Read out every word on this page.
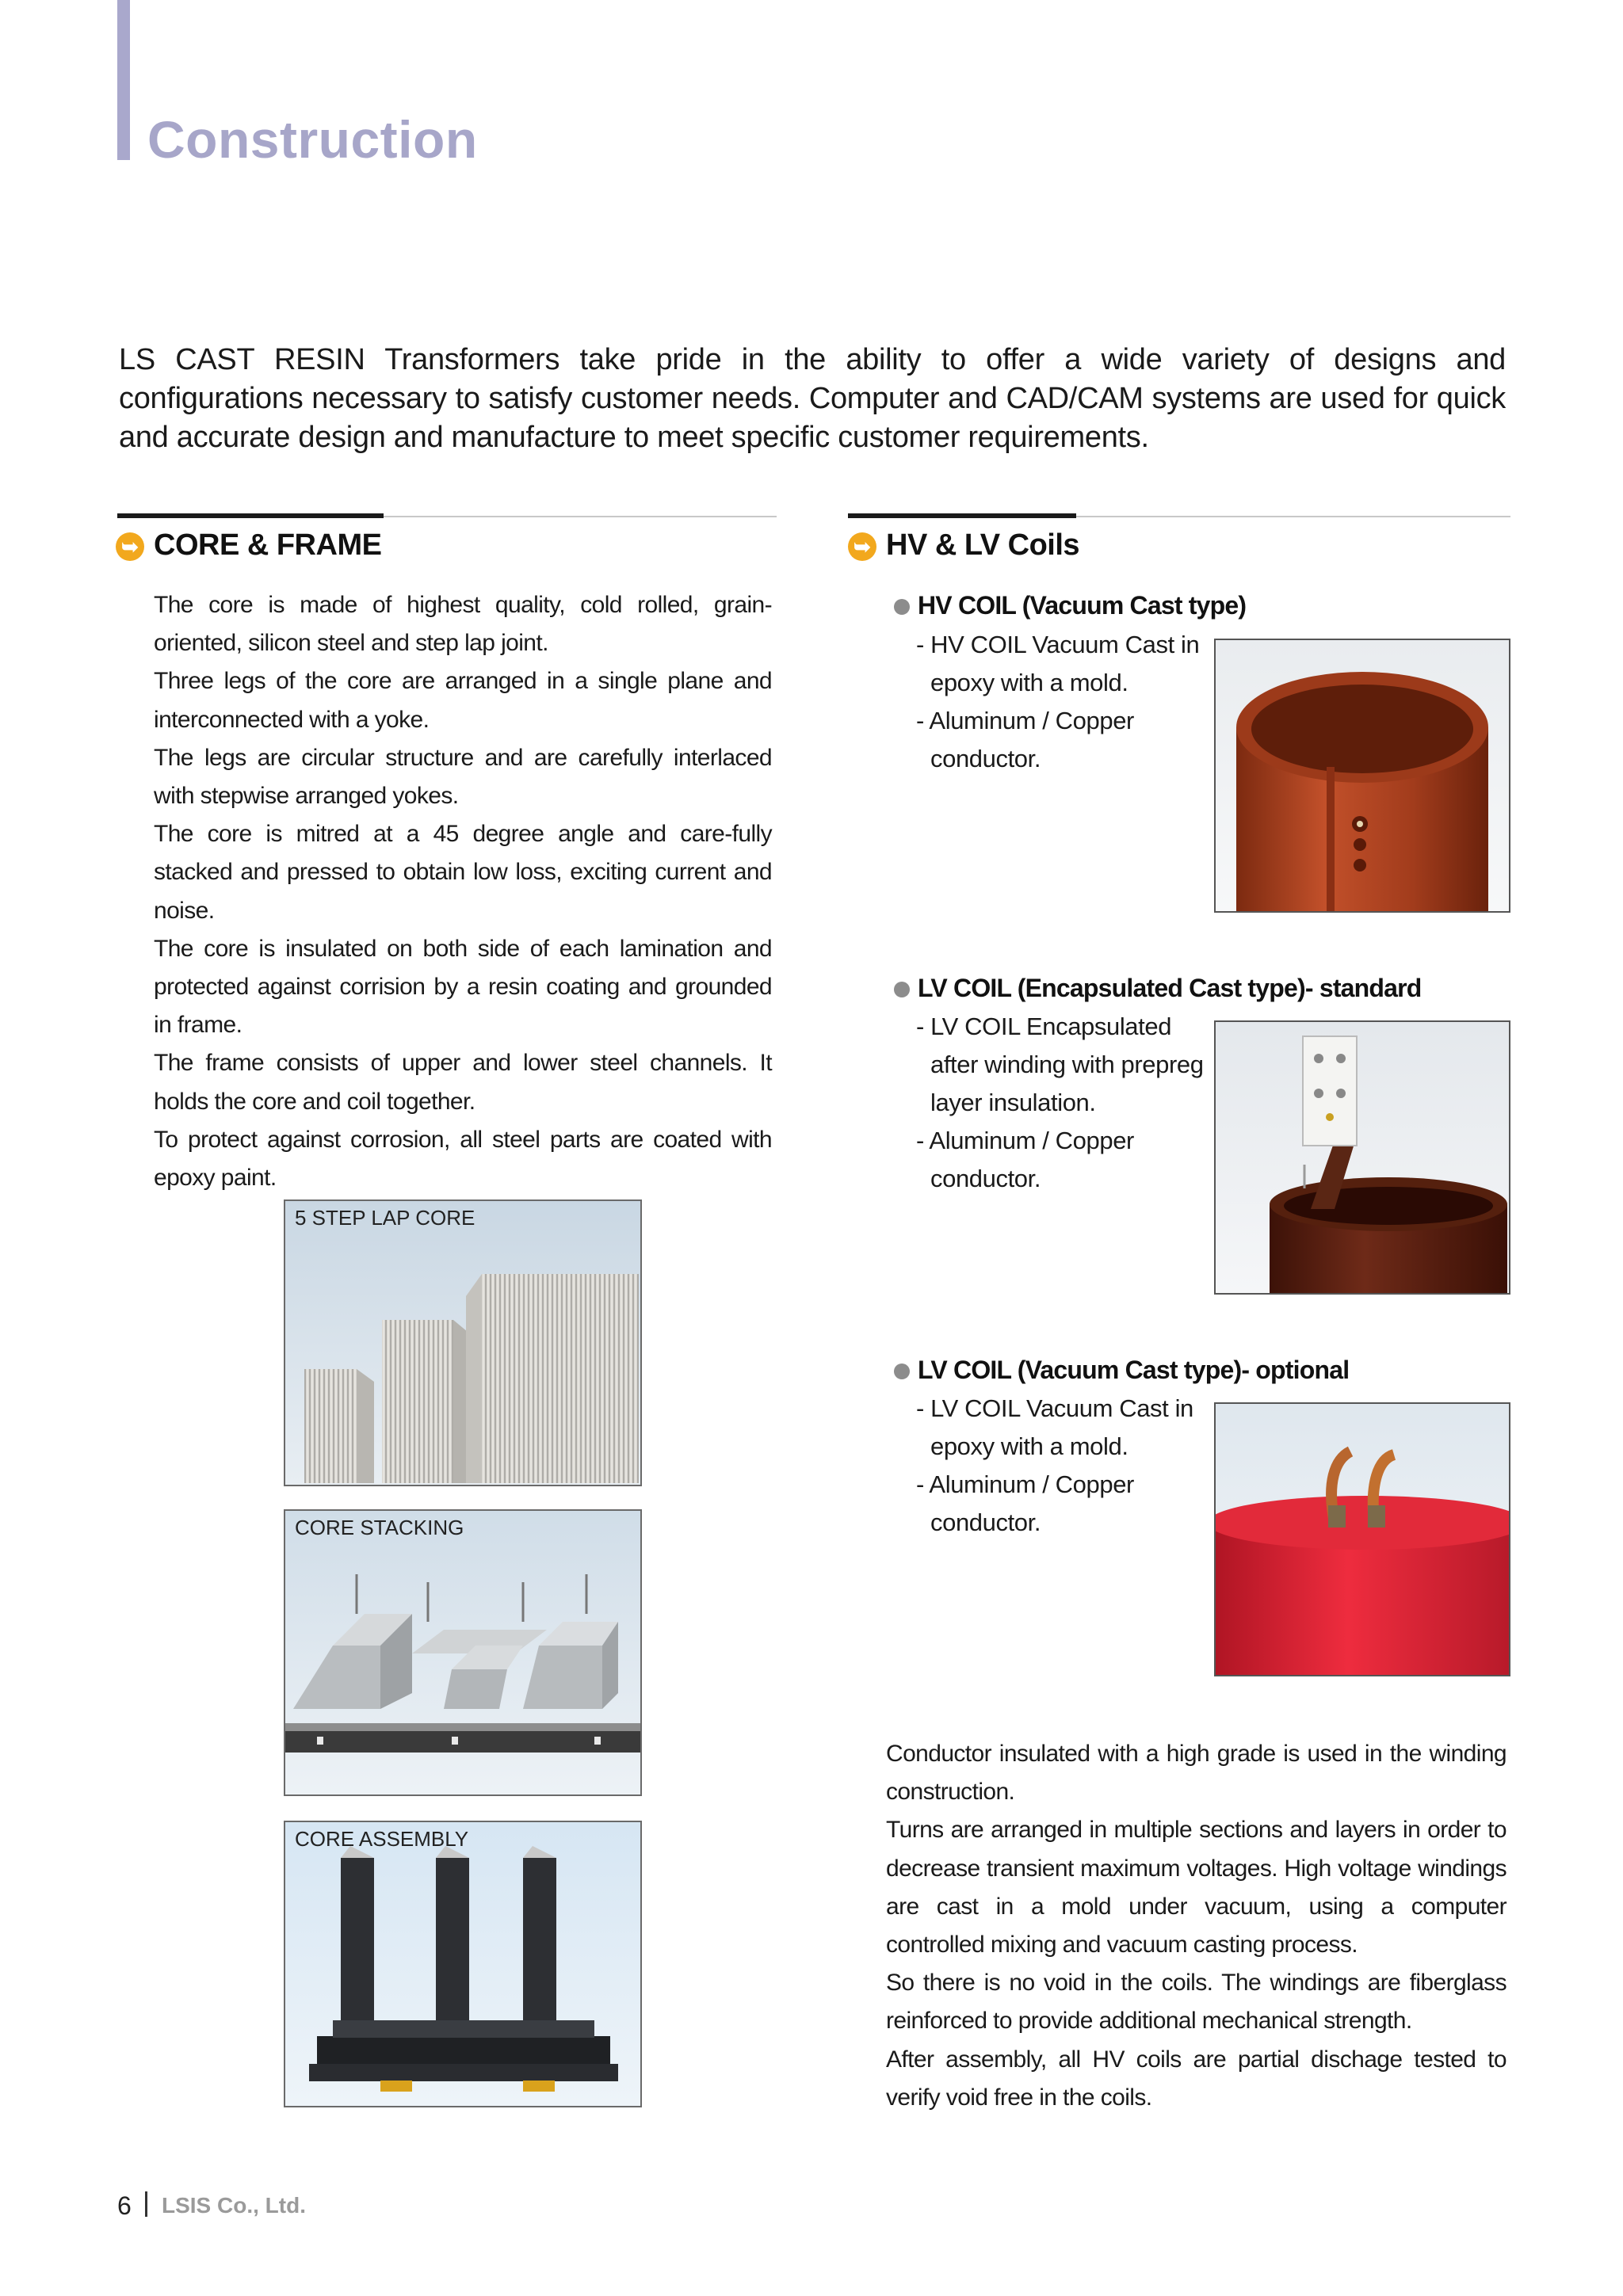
Construction
LS CAST RESIN Transformers take pride in the ability to offer a wide variety of designs and configurations necessary to satisfy customer needs. Computer and CAD/CAM systems are used for quick and accurate design and manufacture to meet specific customer requirements.
➥ CORE & FRAME

The core is made of highest quality, cold rolled, grain-oriented, silicon steel and step lap joint.

Three legs of the core are arranged in a single plane and interconnected with a yoke.

The legs are circular structure and are carefully interlaced with stepwise arranged yokes.

The core is mitred at a 45 degree angle and care-fully stacked and pressed to obtain low loss, exciting current and noise.

The core is insulated on both side of each lamination and protected against corrision by a resin coating and grounded in frame.

The frame consists of upper and lower steel channels. It holds the core and coil together.

To protect against corrosion, all steel parts are coated with epoxy paint.

5 STEP LAP CORE
CORE STACKING
CORE ASSEMBLY
➥ HV & LV Coils
HV COIL (Vacuum Cast type)
- HV COIL Vacuum Cast in
epoxy with a mold.
- Aluminum / Copper
conductor.
LV COIL (Encapsulated Cast type)- standard
- LV COIL Encapsulated
after winding with prepreg
layer insulation.
- Aluminum / Copper
conductor.
LV COIL (Vacuum Cast type)- optional
- LV COIL Vacuum Cast in
epoxy with a mold.
- Aluminum / Copper
conductor.

Conductor insulated with a high grade is used in the winding construction.

Turns are arranged in multiple sections and layers in order to decrease transient maximum voltages. High voltage windings are cast in a mold under vacuum, using a computer controlled mixing and vacuum casting process.

So there is no void in the coils. The windings are fiberglass reinforced to provide additional mechanical strength.

After assembly, all HV coils are partial dischage tested to verify void free in the coils.

6 LSIS Co., Ltd.
